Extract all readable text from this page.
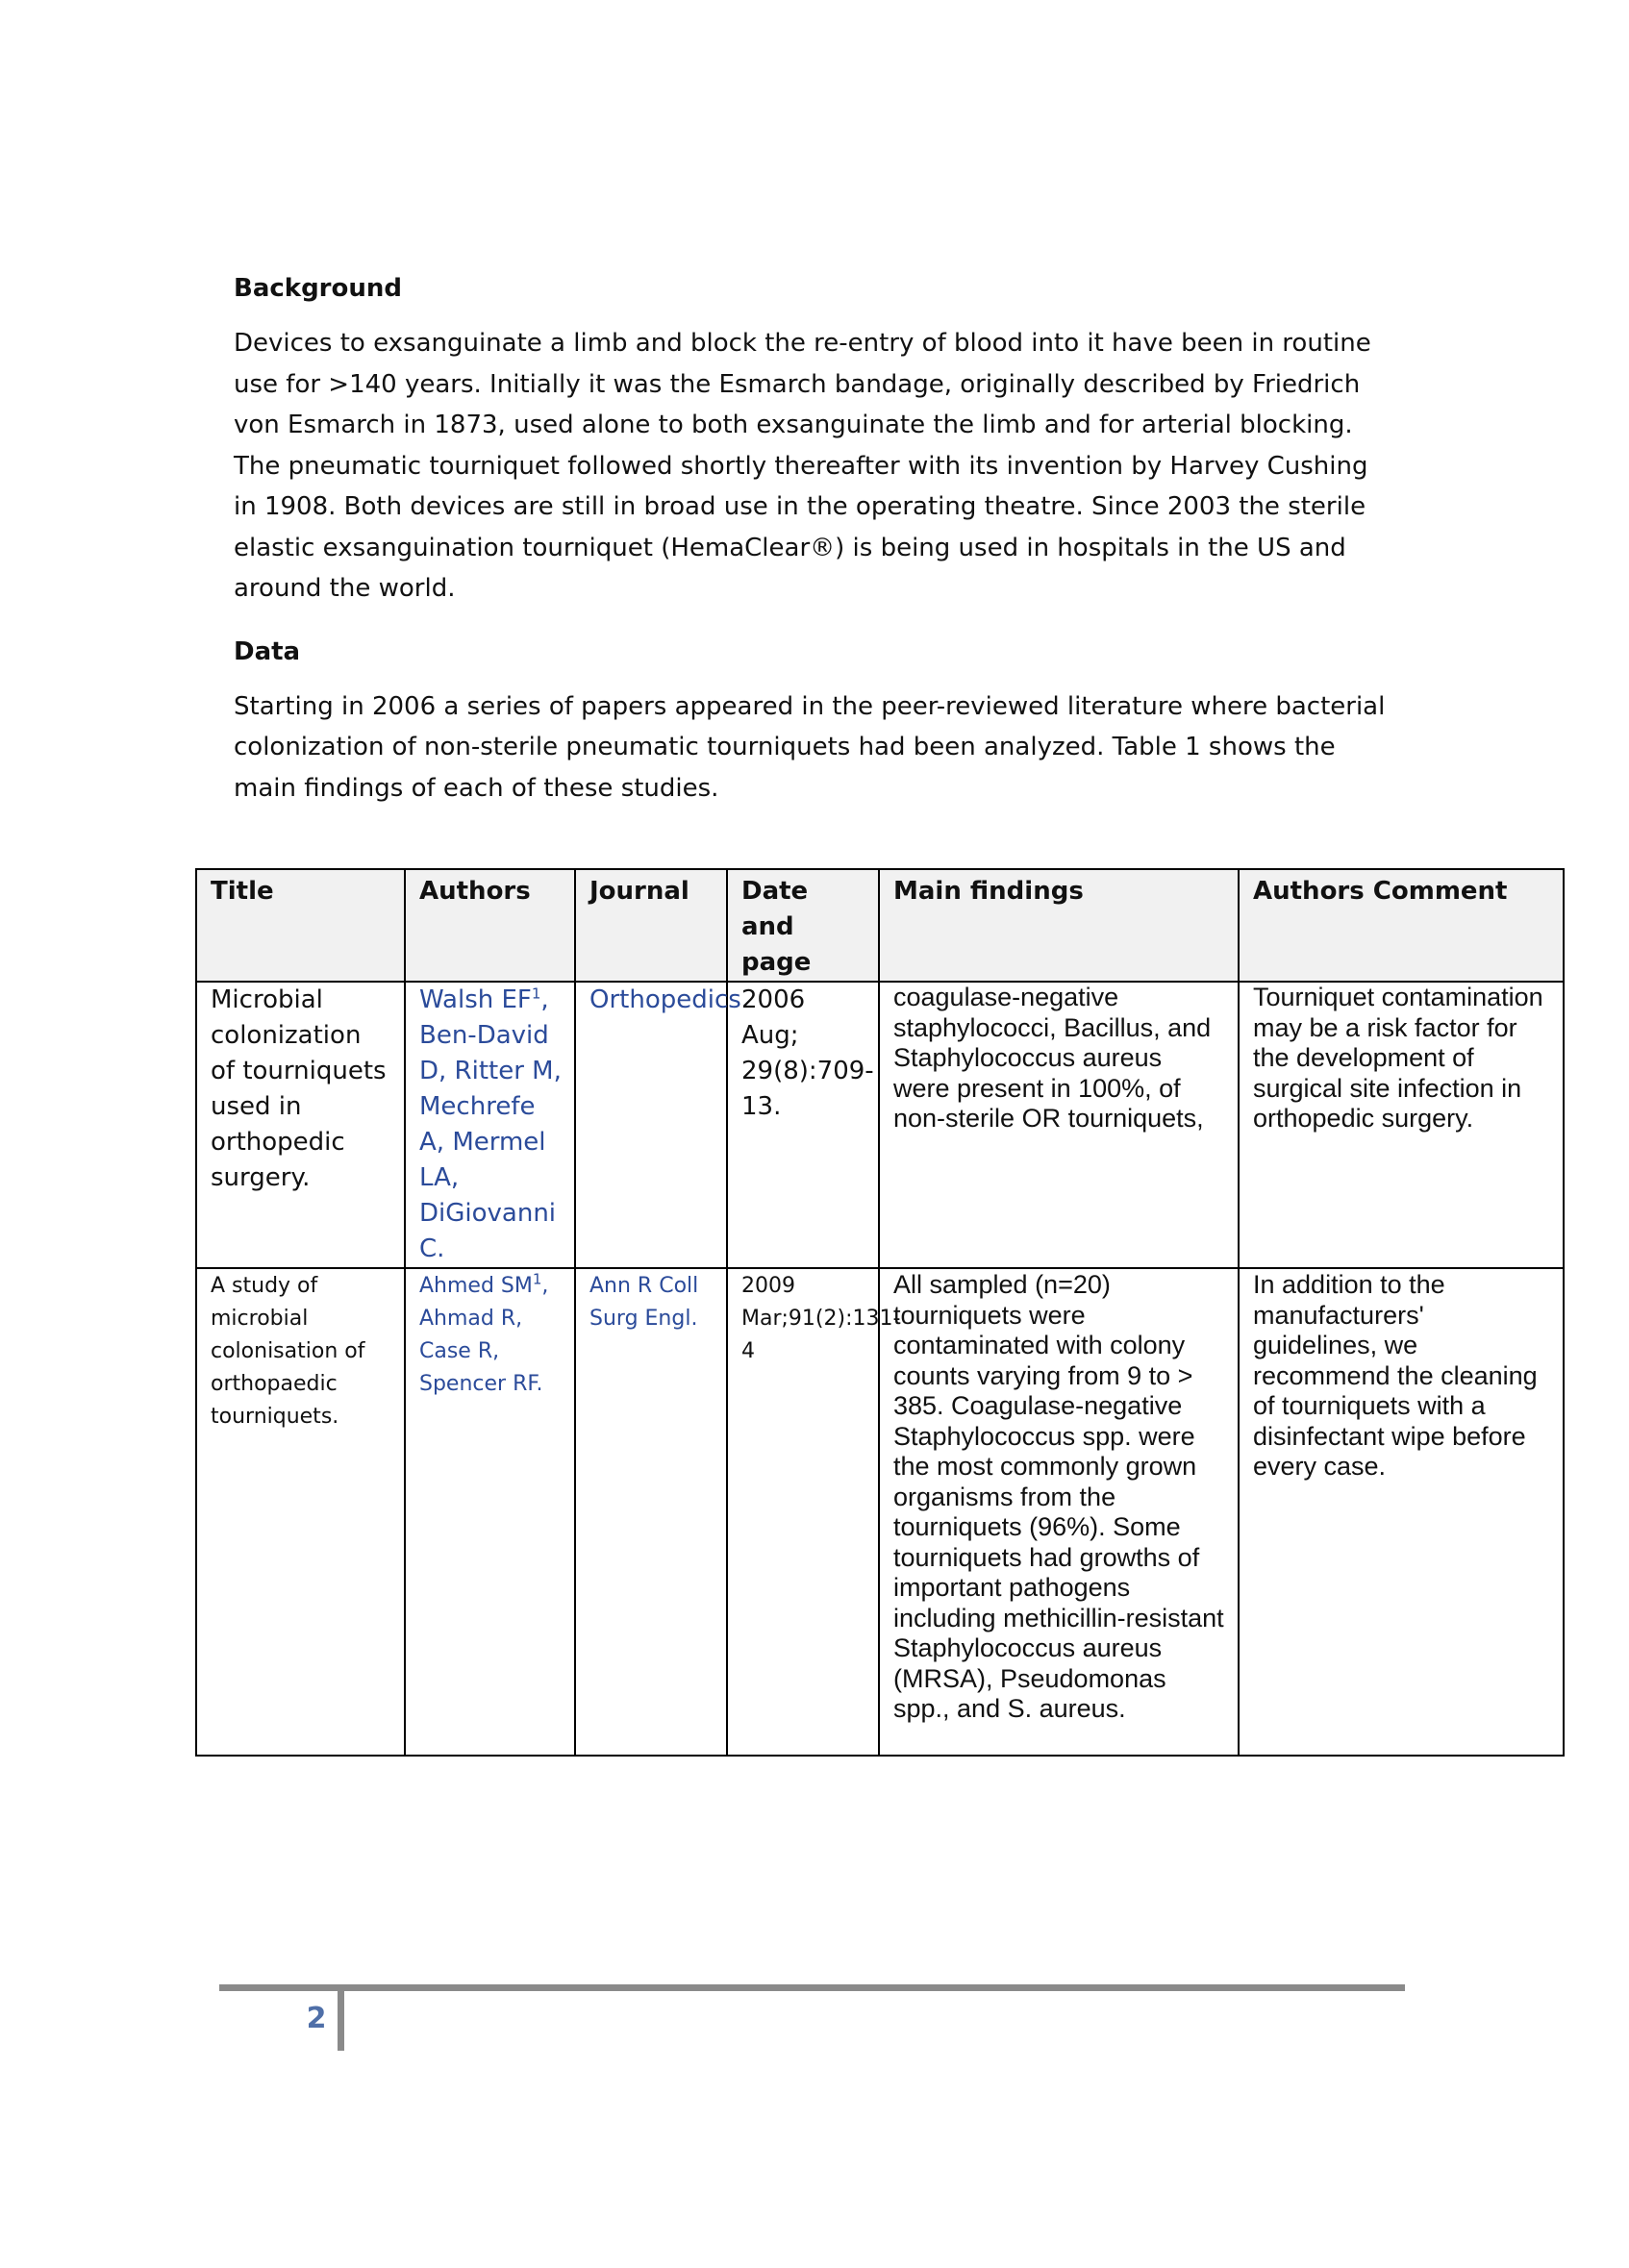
Background

Devices to exsanguinate a limb and block the re-entry of blood into it have been in routine use for >140 years. Initially it was the Esmarch bandage, originally described by Friedrich von Esmarch in 1873, used alone to both exsanguinate the limb and for arterial blocking. The pneumatic tourniquet followed shortly thereafter with its invention by Harvey Cushing in 1908. Both devices are still in broad use in the operating theatre. Since 2003 the sterile elastic exsanguination tourniquet (HemaClear®) is being used in hospitals in the US and around the world.

Data

Starting in 2006 a series of papers appeared in the peer-reviewed literature where bacterial colonization of non-sterile pneumatic tourniquets had been analyzed. Table 1 shows the main findings of each of these studies.

Title	Authors	Journal	Date and page	Main findings	Authors Comment
Microbial colonization of tourniquets used in orthopedic surgery.	Walsh $EF^1$, Ben-David D, Ritter M, Mechrefe A, Mermel LA, DiGiovanni C.	Orthopedics.	2006 Aug; 29(8):709-13.	coagulase-negative staphylococci, Bacillus, and Staphylococcus aureus were present in 100%, of non-sterile OR tourniquets,	Tourniquet contamination may be a risk factor for the development of surgical site infection in orthopedic surgery.
A study of microbial colonisation of orthopaedic tourniquets.	Ahmed $SM^1$, Ahmad R, Case R, Spencer RF.	Ann R Coll Surg Engl.	2009 Mar;91(2):131-4	All sampled (n=20) tourniquets were contaminated with colony counts varying from 9 to > 385. Coagulase-negative Staphylococcus spp. were the most commonly grown organisms from the tourniquets (96%). Some tourniquets had growths of important pathogens including methicillin-resistant Staphylococcus aureus (MRSA), Pseudomonas spp., and S. aureus.	In addition to the manufacturers' guidelines, we recommend the cleaning of tourniquets with a disinfectant wipe before every case.
2
